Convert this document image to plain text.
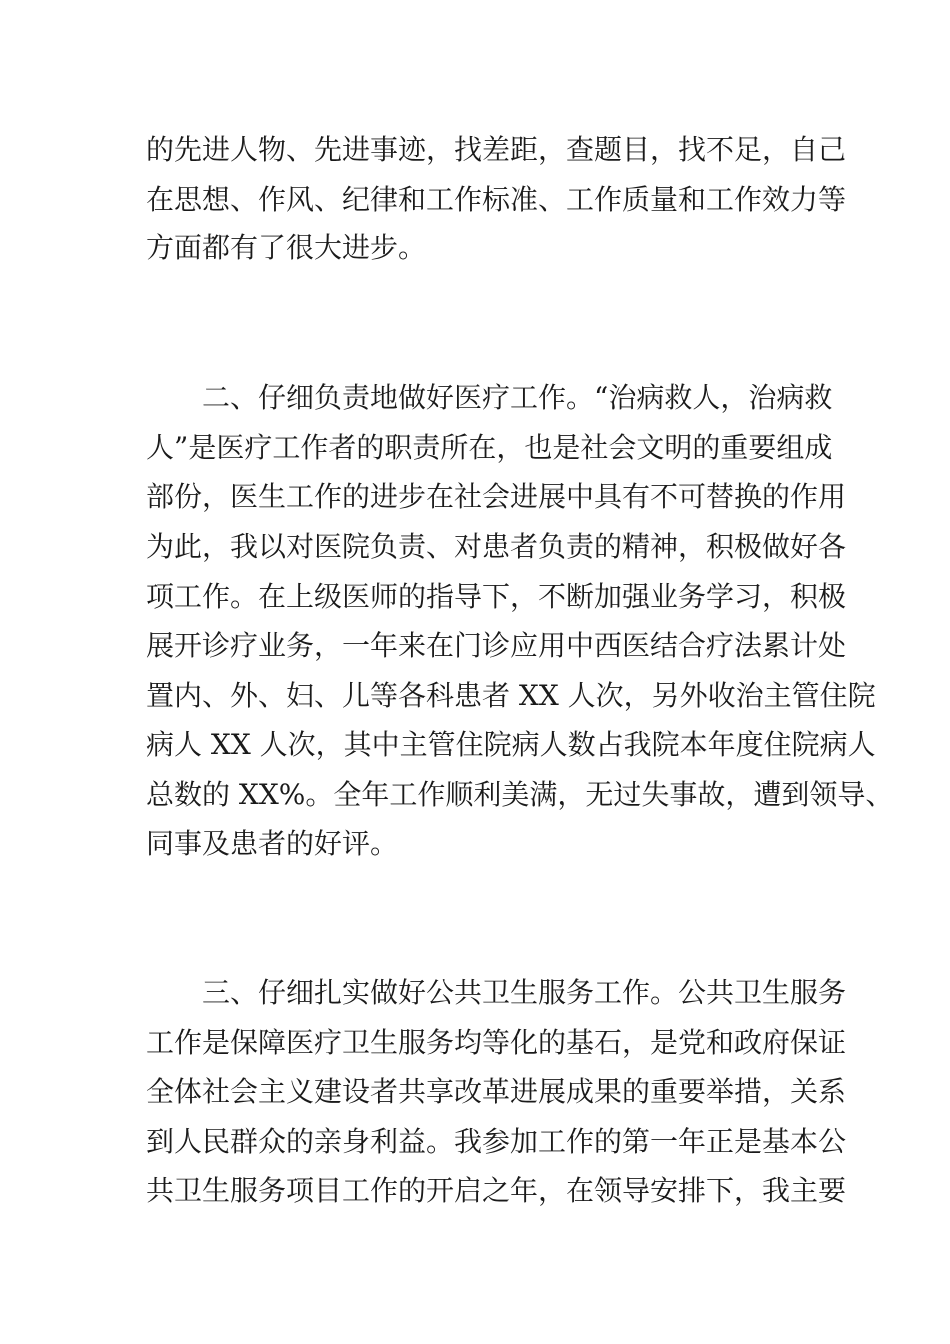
的先进人物、先进事迹，找差距，查题目，找不足，自己
在思想、作风、纪律和工作标准、工作质量和工作效力等
方面都有了很大进步。
二、仔细负责地做好医疗工作。“治病救人，治病救
人”是医疗工作者的职责所在，也是社会文明的重要组成
部份，医生工作的进步在社会进展中具有不可替换的作用
为此，我以对医院负责、对患者负责的精神，积极做好各
项工作。在上级医师的指导下，不断加强业务学习，积极
展开诊疗业务，一年来在门诊应用中西医结合疗法累计处
置内、外、妇、儿等各科患者 XX 人次，另外收治主管住院
病人 XX 人次，其中主管住院病人数占我院本年度住院病人
总数的 XX%。全年工作顺利美满，无过失事故，遭到领导、
同事及患者的好评。
三、仔细扎实做好公共卫生服务工作。公共卫生服务
工作是保障医疗卫生服务均等化的基石，是党和政府保证
全体社会主义建设者共享改革进展成果的重要举措，关系
到人民群众的亲身利益。我参加工作的第一年正是基本公
共卫生服务项目工作的开启之年，在领导安排下，我主要
